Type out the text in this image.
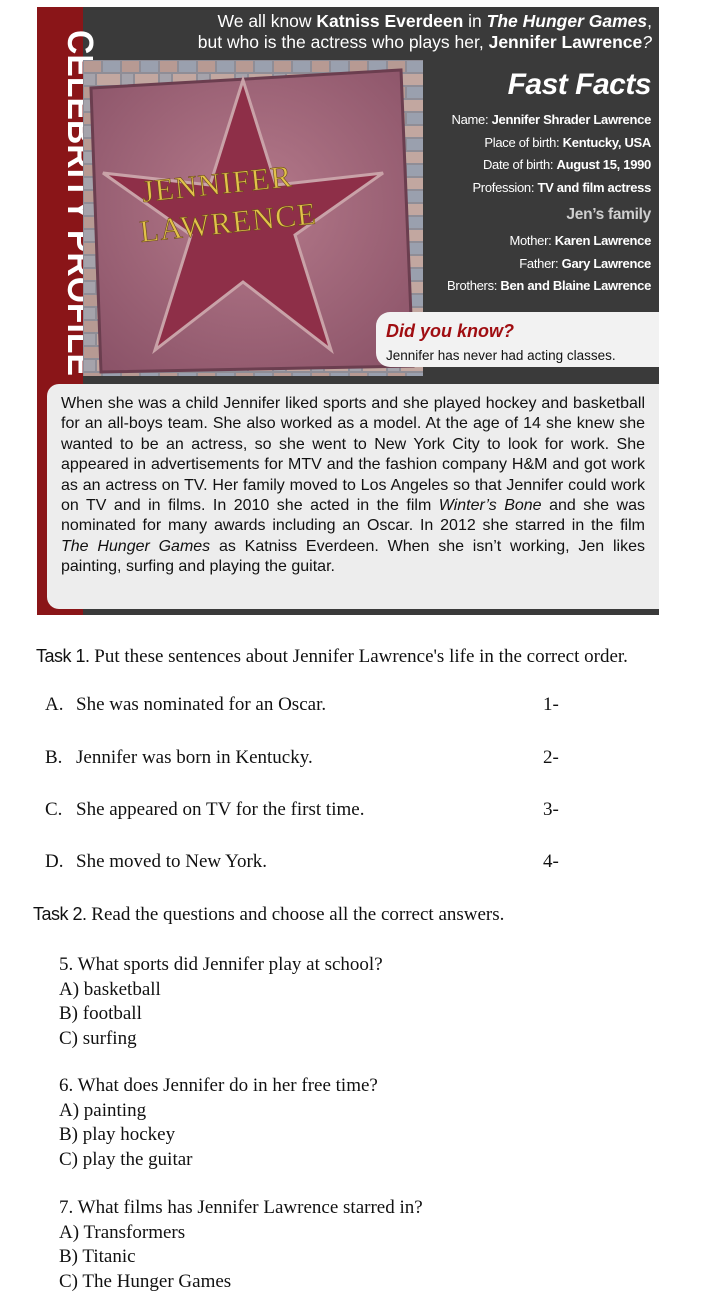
CELEBRITY PROFILE
We all know Katniss Everdeen in The Hunger Games,
but who is the actress who plays her, Jennifer Lawrence?
JENNIFER
LAWRENCE
Fast Facts
Name: Jennifer Shrader Lawrence
Place of birth: Kentucky, USA
Date of birth: August 15, 1990
Profession: TV and film actress
Jen’s family
Mother: Karen Lawrence
Father: Gary Lawrence
Brothers: Ben and Blaine Lawrence
Did you know?
Jennifer has never had acting classes.
When she was a child Jennifer liked sports and she played hockey and basketball for an all-boys team. She also worked as a model. At the age of 14 she knew she wanted to be an actress, so she went to New York City to look for work. She appeared in advertisements for MTV and the fashion company H&M and got work as an actress on TV. Her family moved to Los Angeles so that Jennifer could work on TV and in films. In 2010 she acted in the film Winter’s Bone and she was nominated for many awards including an Oscar. In 2012 she starred in the film The Hunger Games as Katniss Everdeen. When she isn’t working, Jen likes painting, surfing and playing the guitar.
Task 1. Put these sentences about Jennifer Lawrence's life in the correct order.
A. She was nominated for an Oscar.	1-
B. Jennifer was born in Kentucky.	2-
C. She appeared on TV for the first time.	3-
D. She moved to New York.	4-
Task 2. Read the questions and choose all the correct answers.
5. What sports did Jennifer play at school?
A) basketball
B) football
C) surfing
6. What does Jennifer do in her free time?
A) painting
B) play hockey
C) play the guitar
7. What films has Jennifer Lawrence starred in?
A) Transformers
B) Titanic
C) The Hunger Games
